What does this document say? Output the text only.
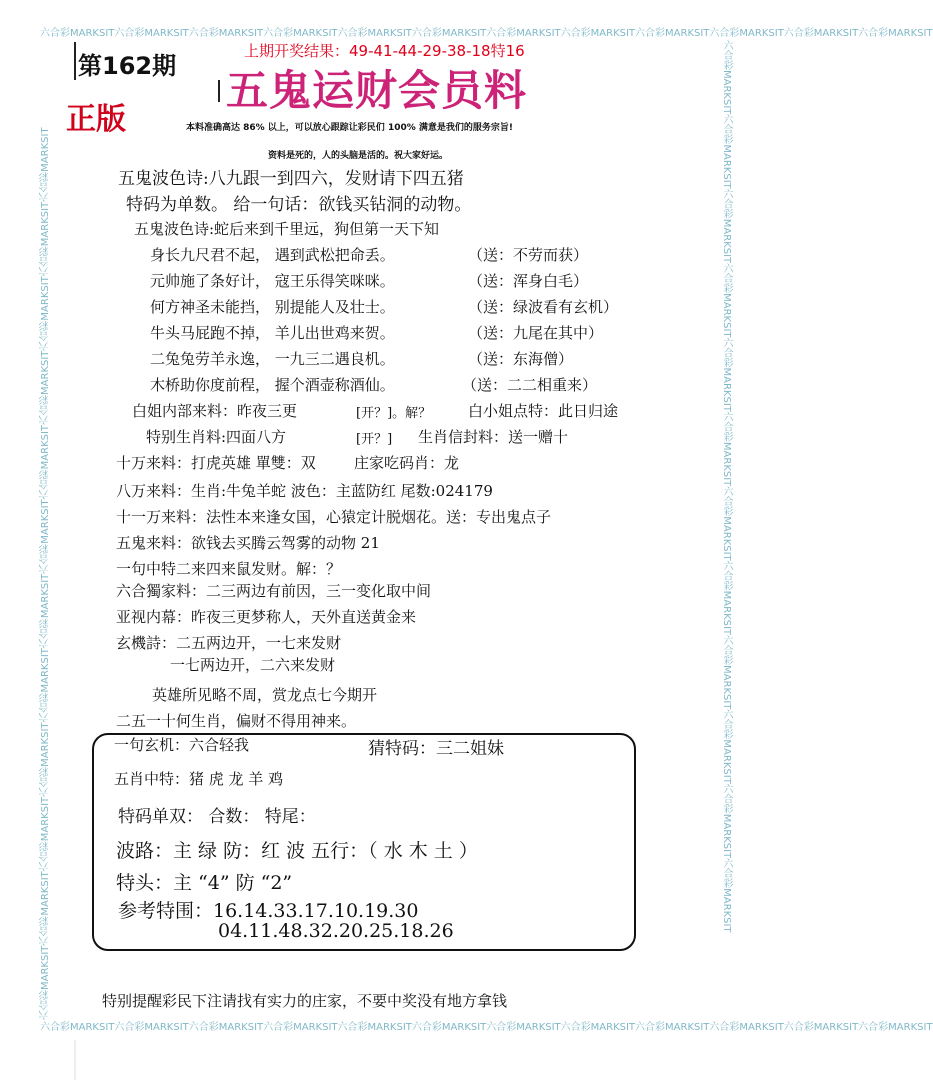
六合彩MARKSIT六合彩MARKSIT六合彩MARKSIT六合彩MARKSIT六合彩MARKSIT六合彩MARKSIT六合彩MARKSIT六合彩MARKSIT六合彩MARKSIT六合彩MARKSIT六合彩MARKSIT六合彩MARKSIT
六合彩MARKSIT六合彩MARKSIT六合彩MARKSIT六合彩MARKSIT六合彩MARKSIT六合彩MARKSIT六合彩MARKSIT六合彩MARKSIT六合彩MARKSIT六合彩MARKSIT六合彩MARKSIT六合彩MARKSIT
六合彩MARKSIT六合彩MARKSIT六合彩MARKSIT六合彩MARKSIT六合彩MARKSIT六合彩MARKSIT六合彩MARKSIT六合彩MARKSIT六合彩MARKSIT六合彩MARKSIT六合彩MARKSIT六合彩MARKSIT	六合彩MARKSIT六合彩MARKSIT六合彩MARKSIT六合彩MARKSIT六合彩MARKSIT六合彩MARKSIT六合彩MARKSIT六合彩MARKSIT六合彩MARKSIT六合彩MARKSIT六合彩MARKSIT六合彩MARKSIT
第162期
正版
上期开奖结果：49-41-44-29-38-18特16
五鬼运财会员料
本料准确高达 86% 以上，可以放心跟踪让彩民们 100% 满意是我们的服务宗旨!
资料是死的，人的头脑是活的。祝大家好运。
五鬼波色诗:八九跟一到四六，发财请下四五猪
特码为单数。 给一句话：欲钱买钻洞的动物。
五鬼波色诗:蛇后来到千里远，狗但第一天下知
身长九尺君不起， 遇到武松把命丢。	（送：不劳而获）
元帅施了条好计， 寇王乐得笑咪咪。	（送：浑身白毛）
何方神圣未能挡， 别提能人及壮士。	（送：绿波看有玄机）
牛头马屁跑不掉， 羊儿出世鸡来贺。	（送：九尾在其中）
二兔兔劳羊永逸， 一九三二遇良机。	（送：东海僧）
木桥助你度前程， 握个酒壶称酒仙。	（送：二二相重来）
白姐内部来料：昨夜三更	[开？]。解？ 白小姐点特：此日归途
特别生肖料:四面八方	[开？] 生肖信封料：送一赠十
十万来料：打虎英雄 單雙：双	庄家吃码肖：龙
八万来料：生肖:牛兔羊蛇 波色：主蓝防红 尾数:024179
十一万来料：法性本来逢女国，心猿定计脱烟花。送：专出鬼点子
五鬼来料：欲钱去买腾云驾雾的动物 21
一句中特二来四来鼠发财。解：？
六合獨家料：二三两边有前因，三一变化取中间
亚视内幕：昨夜三更梦称人，天外直送黄金来
玄機詩：二五两边开，一七来发财
一七两边开，二六来发财
英雄所见略不周，赏龙点七今期开
二五一十何生肖，偏财不得用神来。
一句玄机：六合轻我	猜特码：三二姐妹
五肖中特：猪 虎 龙 羊 鸡
特码单双： 合数： 特尾：
波路：主 绿 防：红 波 五行：（ 水 木 土 ）
特头：主 “4” 防 “2”
参考特围：16.14.33.17.10.19.30
04.11.48.32.20.25.18.26
特别提醒彩民下注请找有实力的庄家，不要中奖没有地方拿钱
